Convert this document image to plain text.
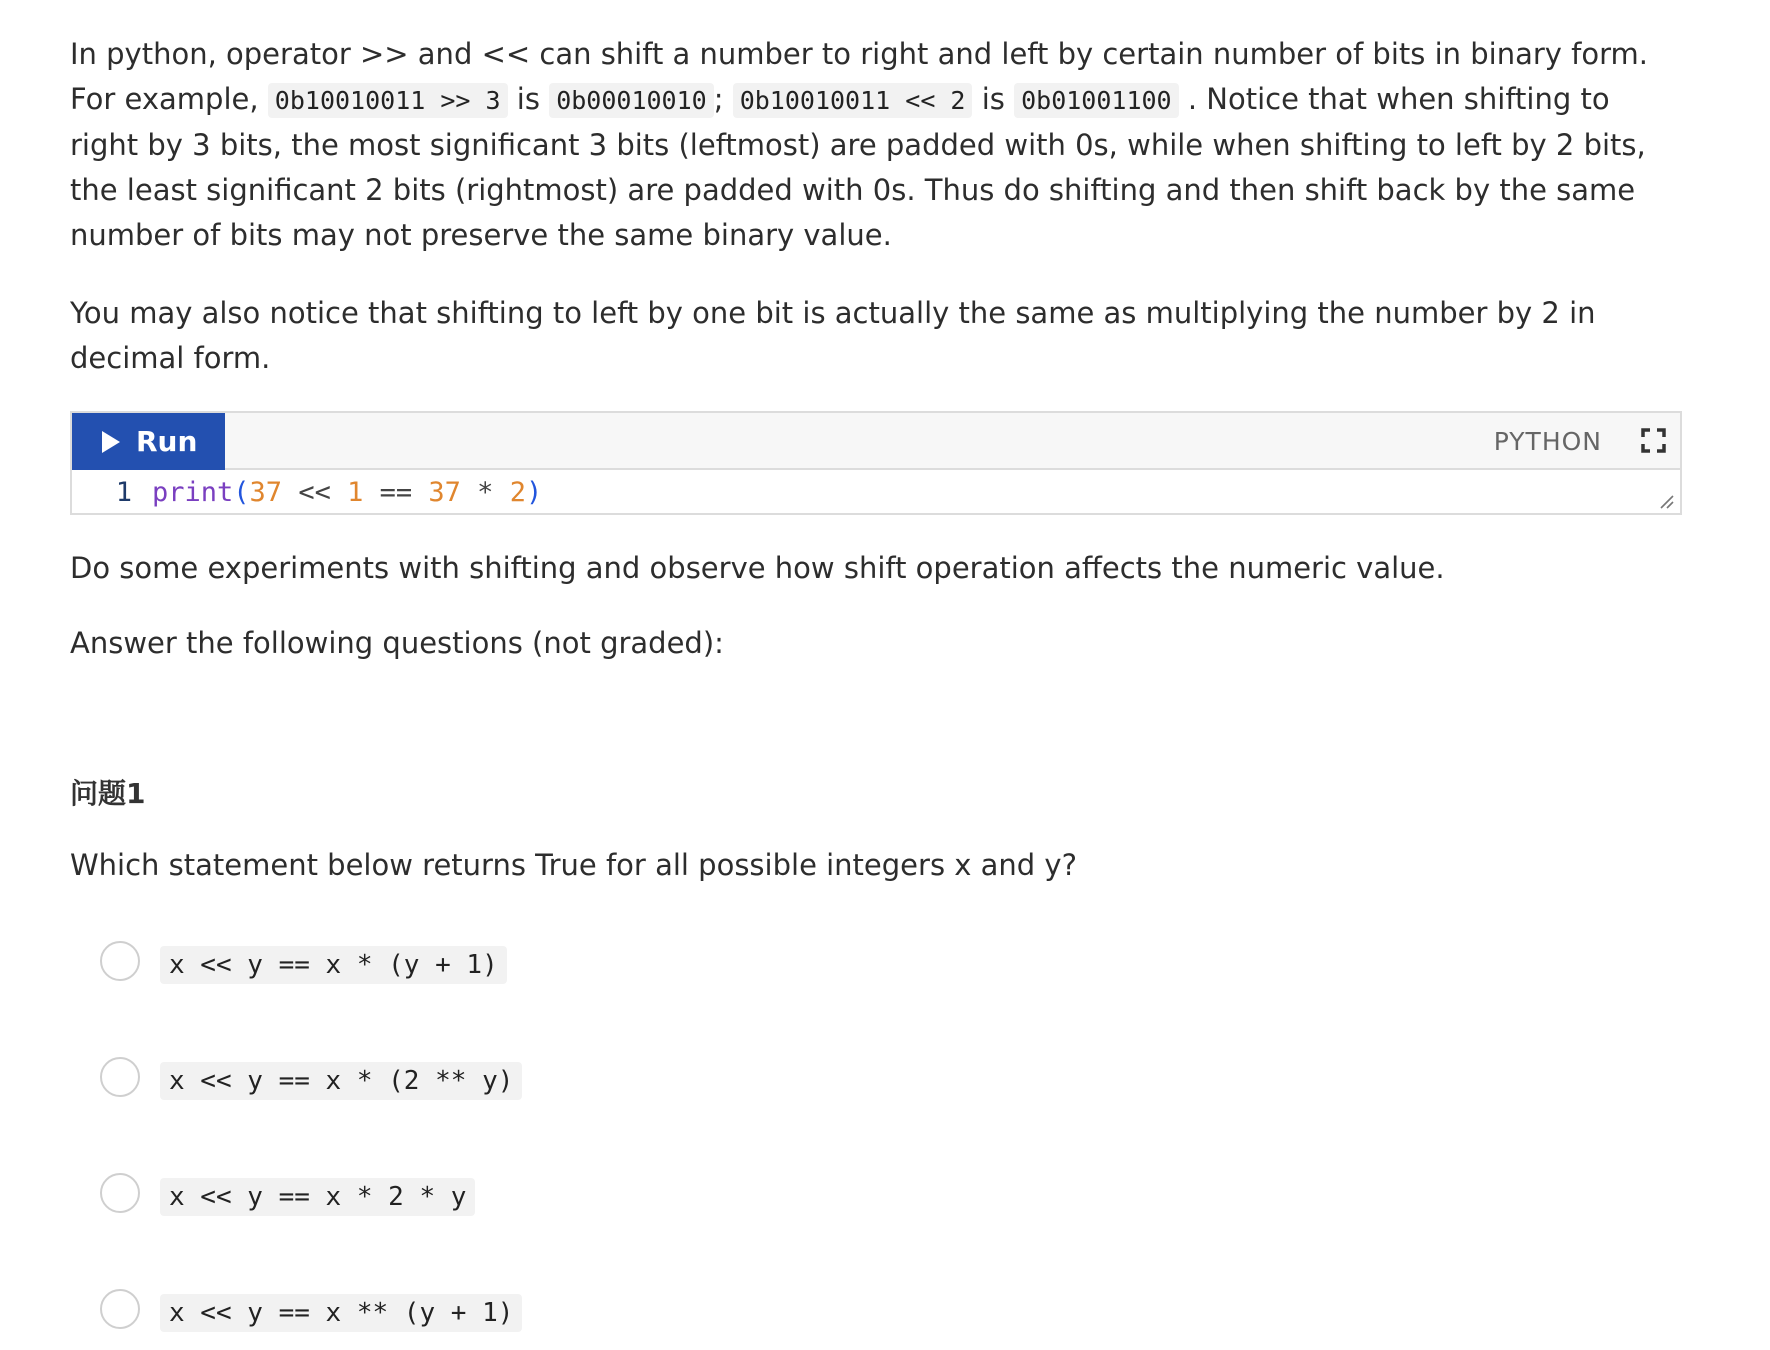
In python, operator >> and << can shift a number to right and left by certain number of bits in binary form. For example, 0b10010011 >> 3 is 0b00010010 ; 0b10010011 << 2 is 0b01001100 . Notice that when shifting to right by 3 bits, the most significant 3 bits (leftmost) are padded with 0s, while when shifting to left by 2 bits, the least significant 2 bits (rightmost) are padded with 0s. Thus do shifting and then shift back by the same number of bits may not preserve the same binary value.

You may also notice that shifting to left by one bit is actually the same as multiplying the number by 2 in decimal form.

Run	PYTHON
1 print ( 37 << 1 == 37 * 2 )

Do some experiments with shifting and observe how shift operation affects the numeric value.

Answer the following questions (not graded):

问题1

Which statement below returns True for all possible integers x and y?

x << y == x * (y + 1)
x << y == x * (2 ** y)
x << y == x * 2 * y
x << y == x ** (y + 1)
